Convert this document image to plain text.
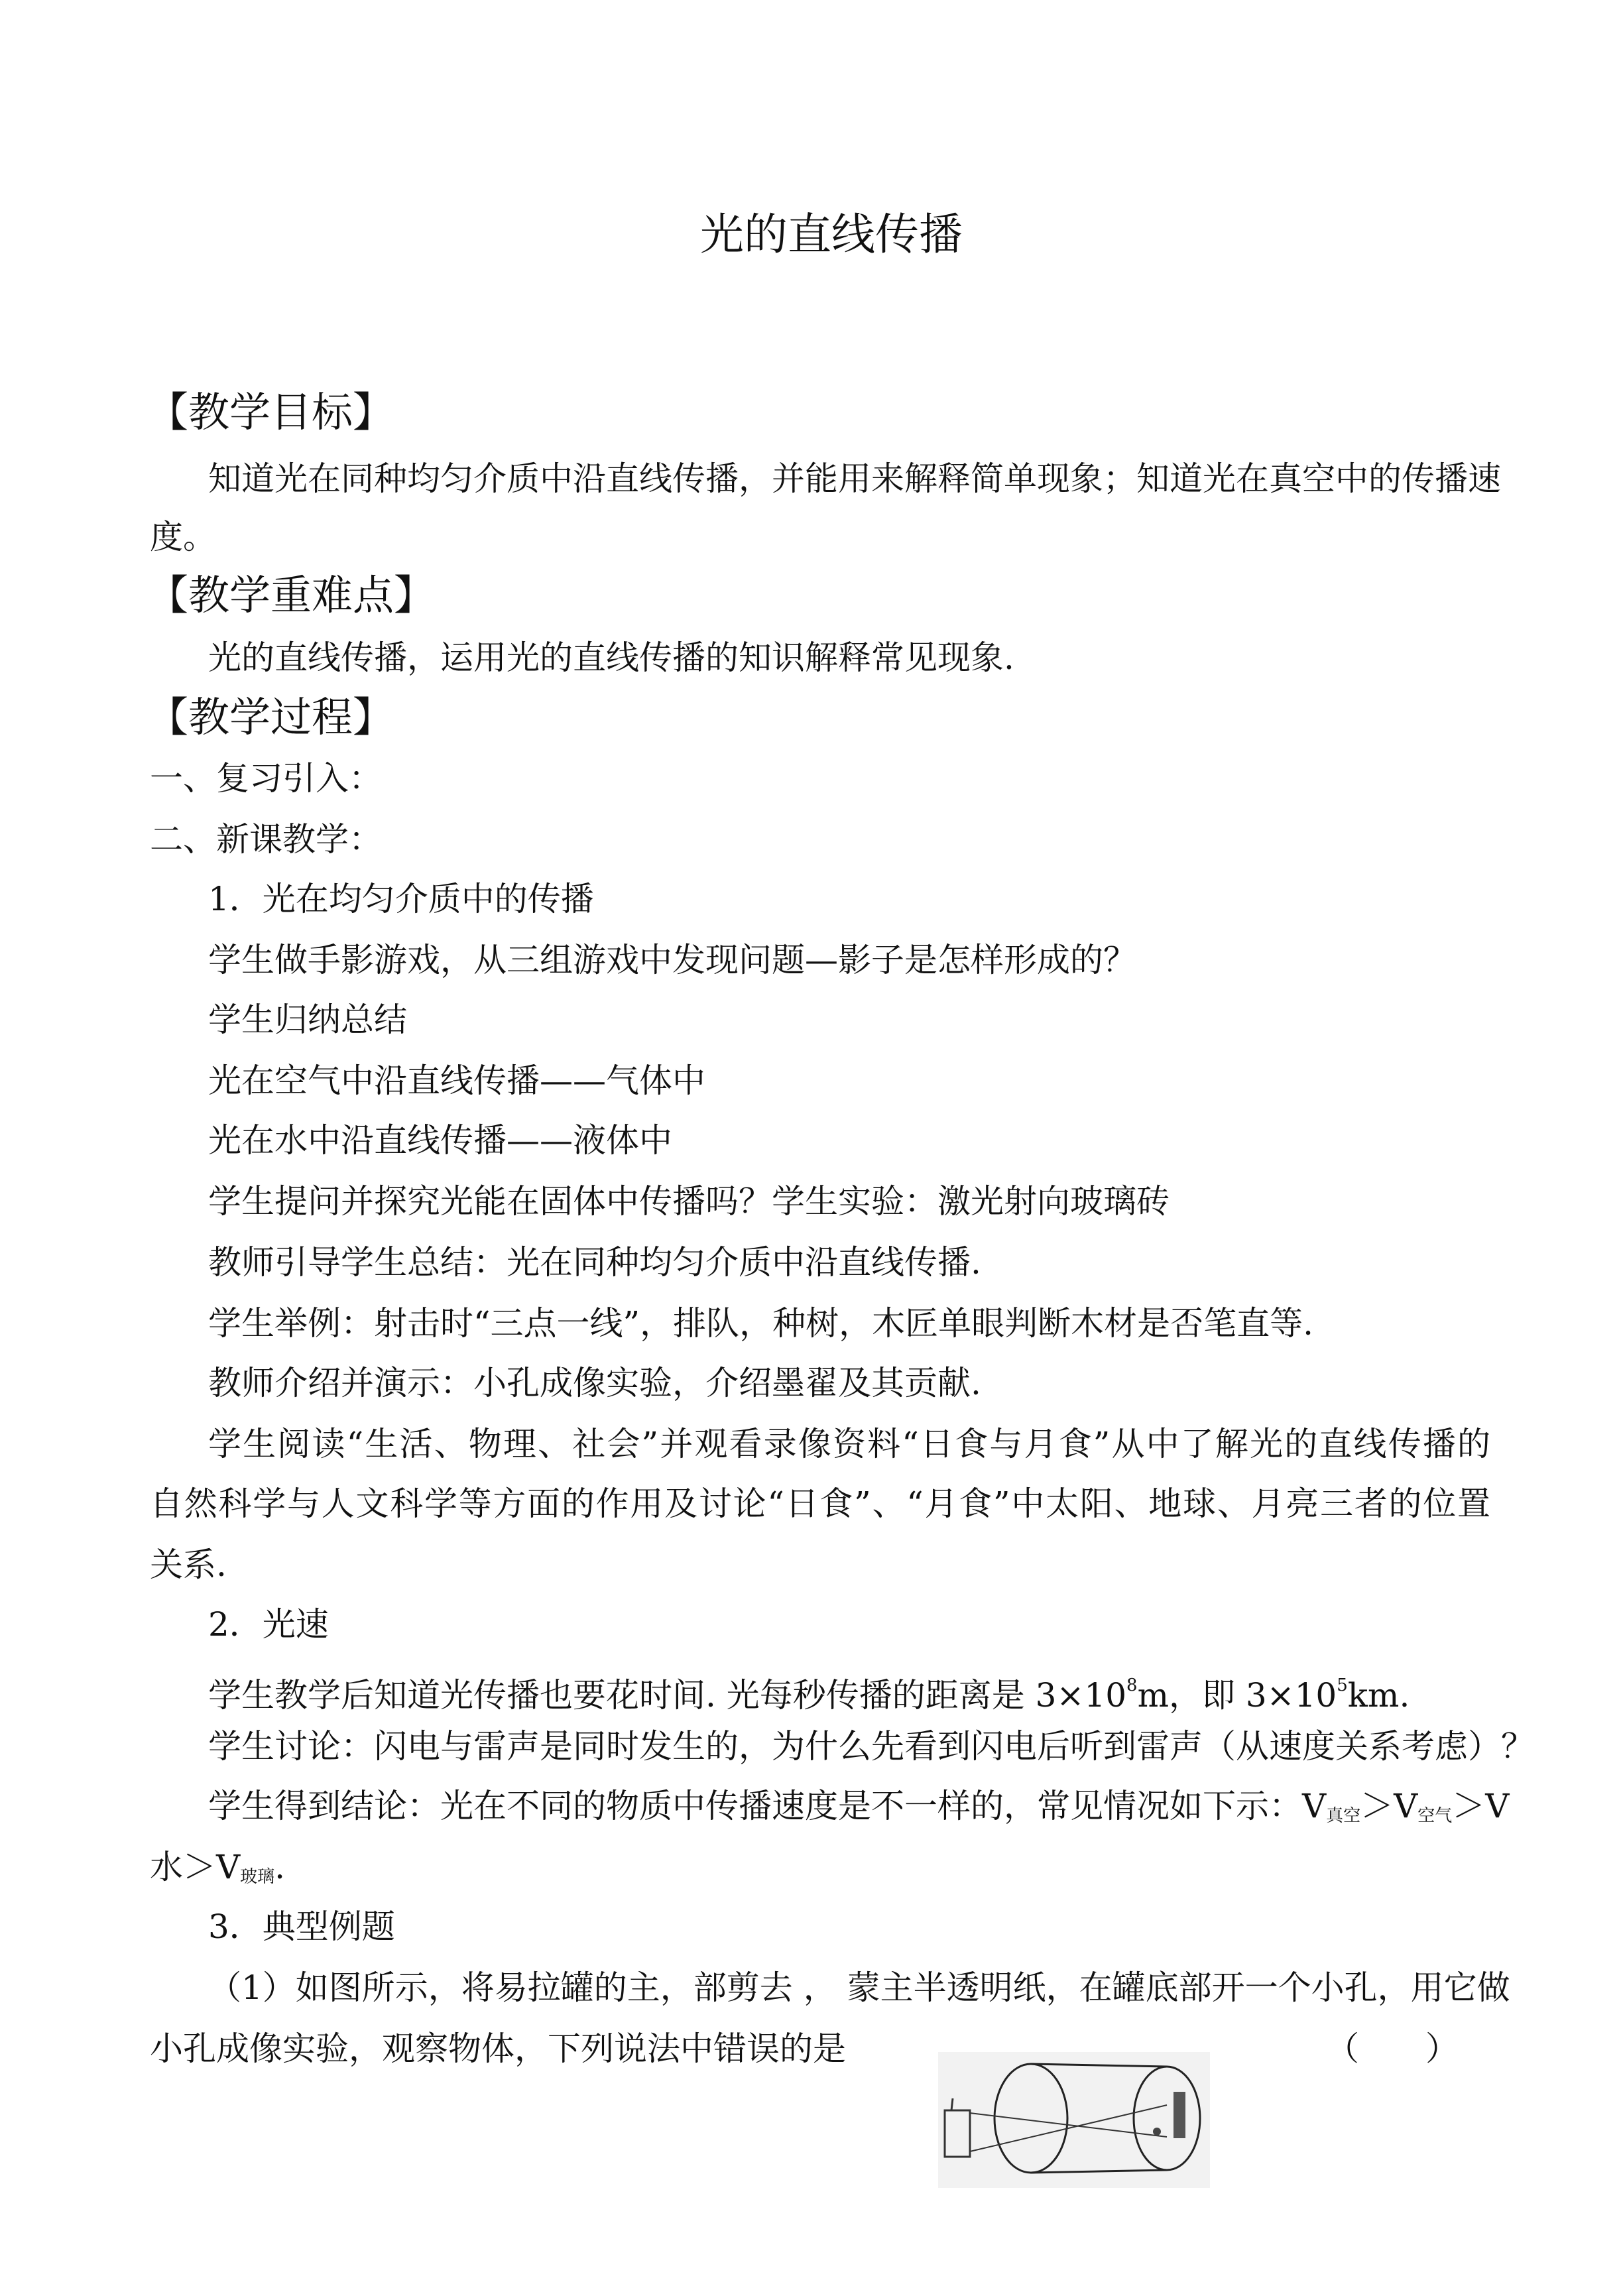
光的直线传播
【教学目标】
知道光在同种均匀介质中沿直线传播，并能用来解释简单现象；知道光在真空中的传播速
度。
【教学重难点】
光的直线传播，运用光的直线传播的知识解释常见现象.
【教学过程】
一、复习引入：
二、新课教学：
1．光在均匀介质中的传播
学生做手影游戏，从三组游戏中发现问题—影子是怎样形成的？
学生归纳总结
光在空气中沿直线传播——气体中
光在水中沿直线传播——液体中
学生提问并探究光能在固体中传播吗？学生实验：激光射向玻璃砖
教师引导学生总结：光在同种均匀介质中沿直线传播.
学生举例：射击时“三点一线”，排队，种树，木匠单眼判断木材是否笔直等.
教师介绍并演示：小孔成像实验，介绍墨翟及其贡献.
学生阅读“生活、物理、社会”并观看录像资料“日食与月食”从中了解光的直线传播的
自然科学与人文科学等方面的作用及讨论“日食”、“月食”中太阳、地球、月亮三者的位置
关系.
2．光速
学生教学后知道光传播也要花时间. 光每秒传播的距离是 $3\times 10^8m$，即 $3\times 10^5km$.
学生讨论：闪电与雷声是同时发生的，为什么先看到闪电后听到雷声（从速度关系考虑）？
学生得到结论：光在不同的物质中传播速度是不一样的，常见情况如下示：$V_{真空}>V_{空气}>V$
水$>V_{玻璃}$.
3．典型例题
（1）如图所示，将易拉罐的主，部剪去 ， 蒙主半透明纸，在罐底部开一个小孔，用它做
小孔成像实验，观察物体，下列说法中错误的是	（　　）
